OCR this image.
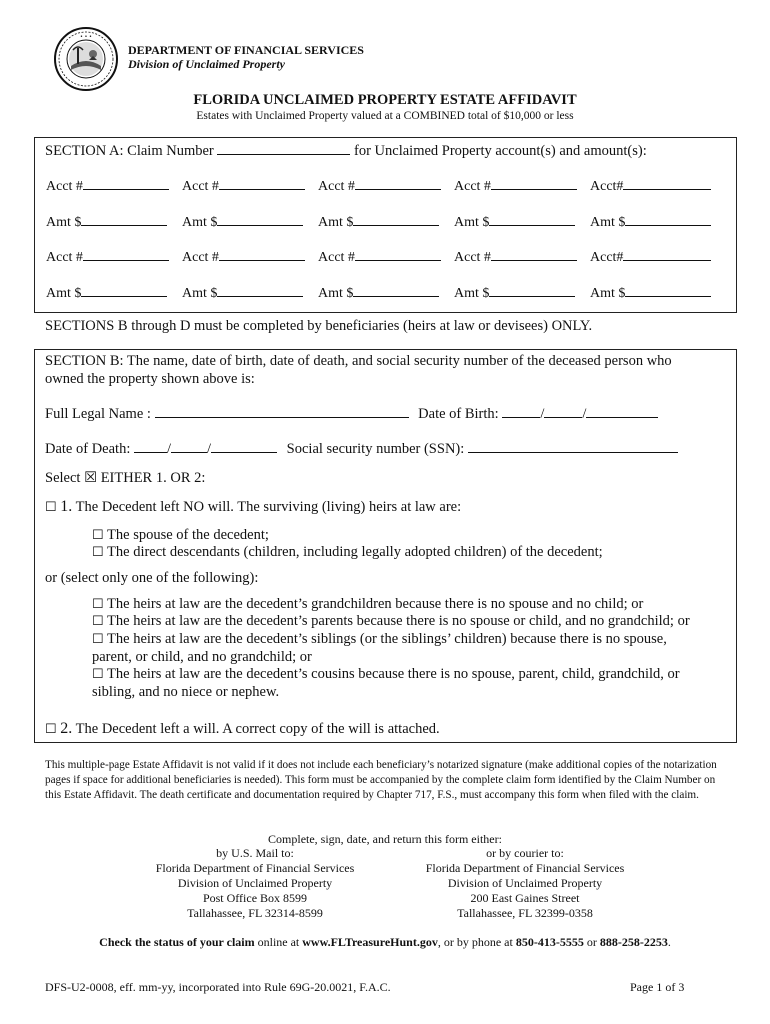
• • •
DEPARTMENT OF FINANCIAL SERVICES
Division of Unclaimed Property
FLORIDA UNCLAIMED PROPERTY ESTATE AFFIDAVIT
Estates with Unclaimed Property valued at a COMBINED total of $10,000 or less
SECTION A: Claim Number	for Unclaimed Property account(s) and amount(s):
Acct #	Acct #	Acct #	Acct #	Acct#
Amt $	Amt $	Amt $	Amt $	Amt $
Acct #	Acct #	Acct #	Acct #	Acct#
Amt $	Amt $	Amt $	Amt $	Amt $
SECTIONS B through D must be completed by beneficiaries (heirs at law or devisees) ONLY.
SECTION B: The name, date of birth, date of death, and social security number of the deceased person who
owned the property shown above is:
Full Legal Name :	Date of Birth:	/	/
Date of Death:	/ /	Social security number (SSN):
Select ☒ EITHER 1. OR 2:
☐ 1. The Decedent left NO will. The surviving (living) heirs at law are:
☐ The spouse of the decedent;
☐ The direct descendants (children, including legally adopted children) of the decedent;
or (select only one of the following):
☐ The heirs at law are the decedent’s grandchildren because there is no spouse and no child; or
☐ The heirs at law are the decedent’s parents because there is no spouse or child, and no grandchild; or
☐ The heirs at law are the decedent’s siblings (or the siblings’ children) because there is no spouse,
parent, or child, and no grandchild; or
☐ The heirs at law are the decedent’s cousins because there is no spouse, parent, child, grandchild, or
sibling, and no niece or nephew.
☐ 2. The Decedent left a will. A correct copy of the will is attached.
This multiple-page Estate Affidavit is not valid if it does not include each beneficiary’s notarized signature (make additional copies of the notarization pages if space for additional beneficiaries is needed). This form must be accompanied by the complete claim form identified by the Claim Number on this Estate Affidavit. The death certificate and documentation required by Chapter 717, F.S., must accompany this form when filed with the claim.
Complete, sign, date, and return this form either:
by U.S. Mail to:
Florida Department of Financial Services
Division of Unclaimed Property
Post Office Box 8599
Tallahassee, FL 32314-8599
or by courier to:
Florida Department of Financial Services
Division of Unclaimed Property
200 East Gaines Street
Tallahassee, FL 32399-0358
Check the status of your claim online at www.FLTreasureHunt.gov, or by phone at 850-413-5555 or 888-258-2253.
DFS-U2-0008, eff. mm-yy, incorporated into Rule 69G-20.0021, F.A.C.	Page 1 of 3
